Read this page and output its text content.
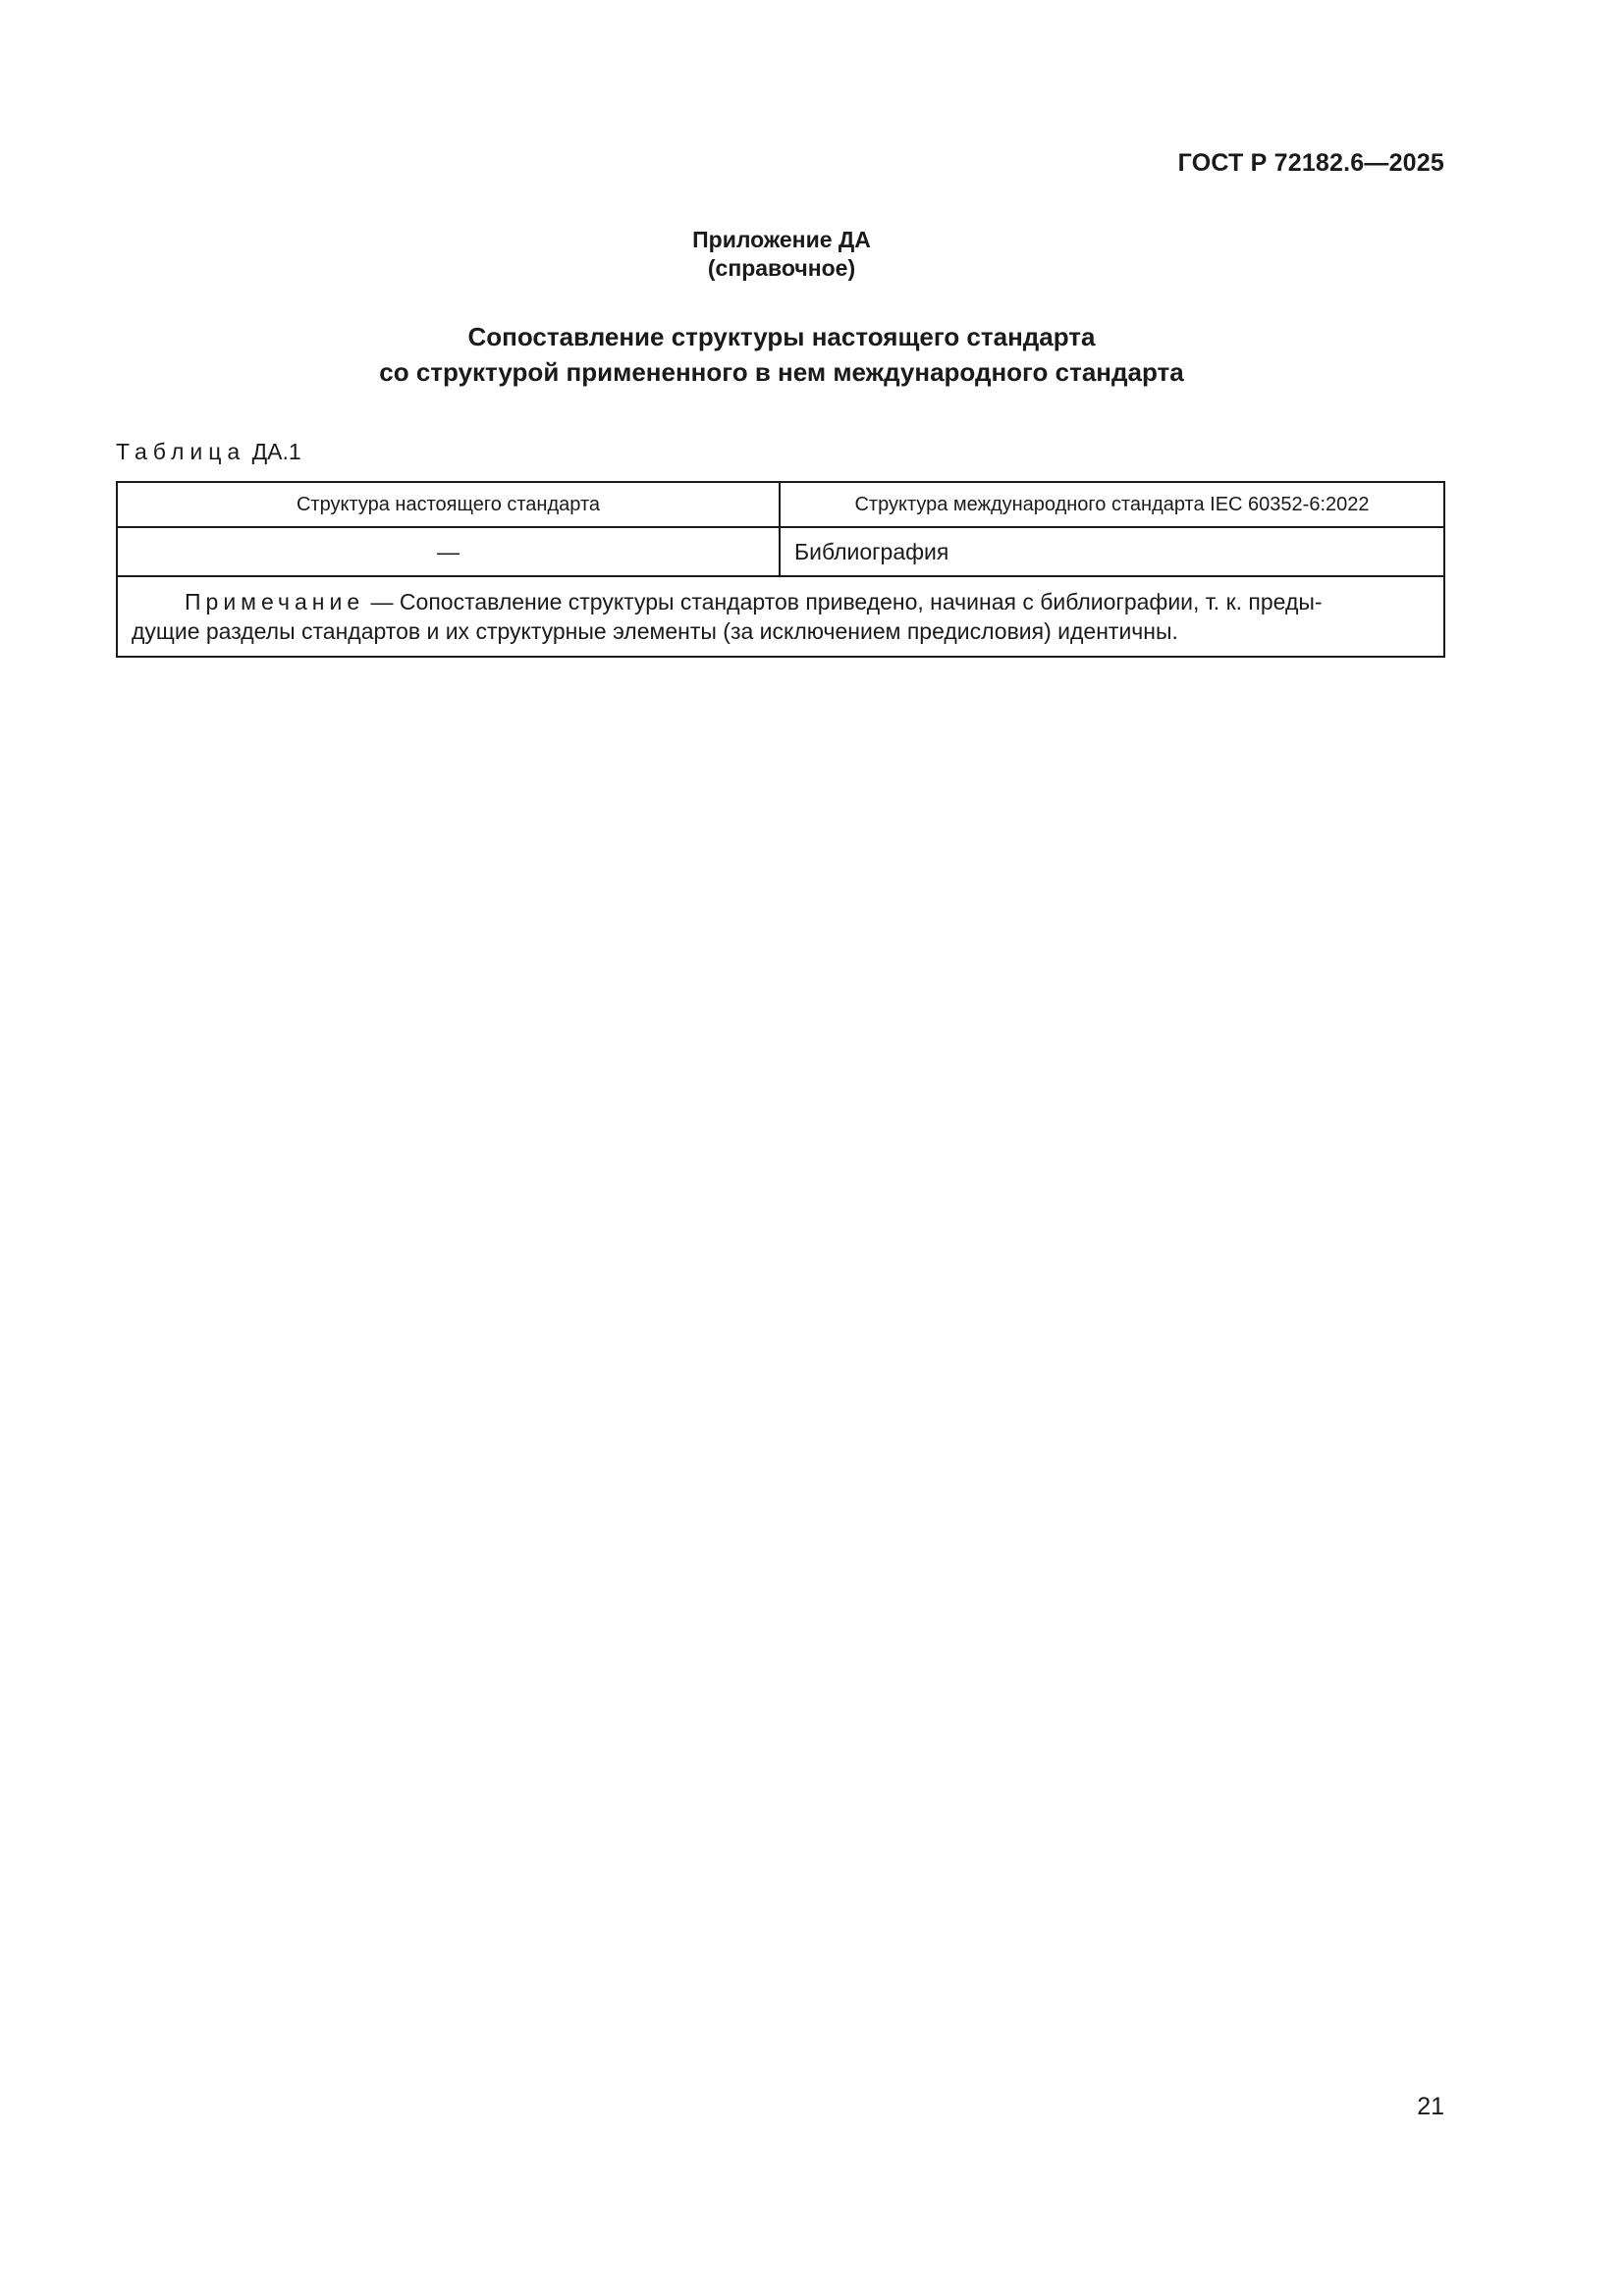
ГОСТ Р 72182.6—2025
Приложение ДА
(справочное)
Сопоставление структуры настоящего стандарта
со структурой примененного в нем международного стандарта
Таблица ДА.1
Структура настоящего стандарта	Структура международного стандарта IEC 60352-6:2022
—	Библиография

Примечание — Сопоставление структуры стандартов приведено, начиная с библиографии, т. к. преды-
дущие разделы стандартов и их структурные элементы (за исключением предисловия) идентичны.	
21
